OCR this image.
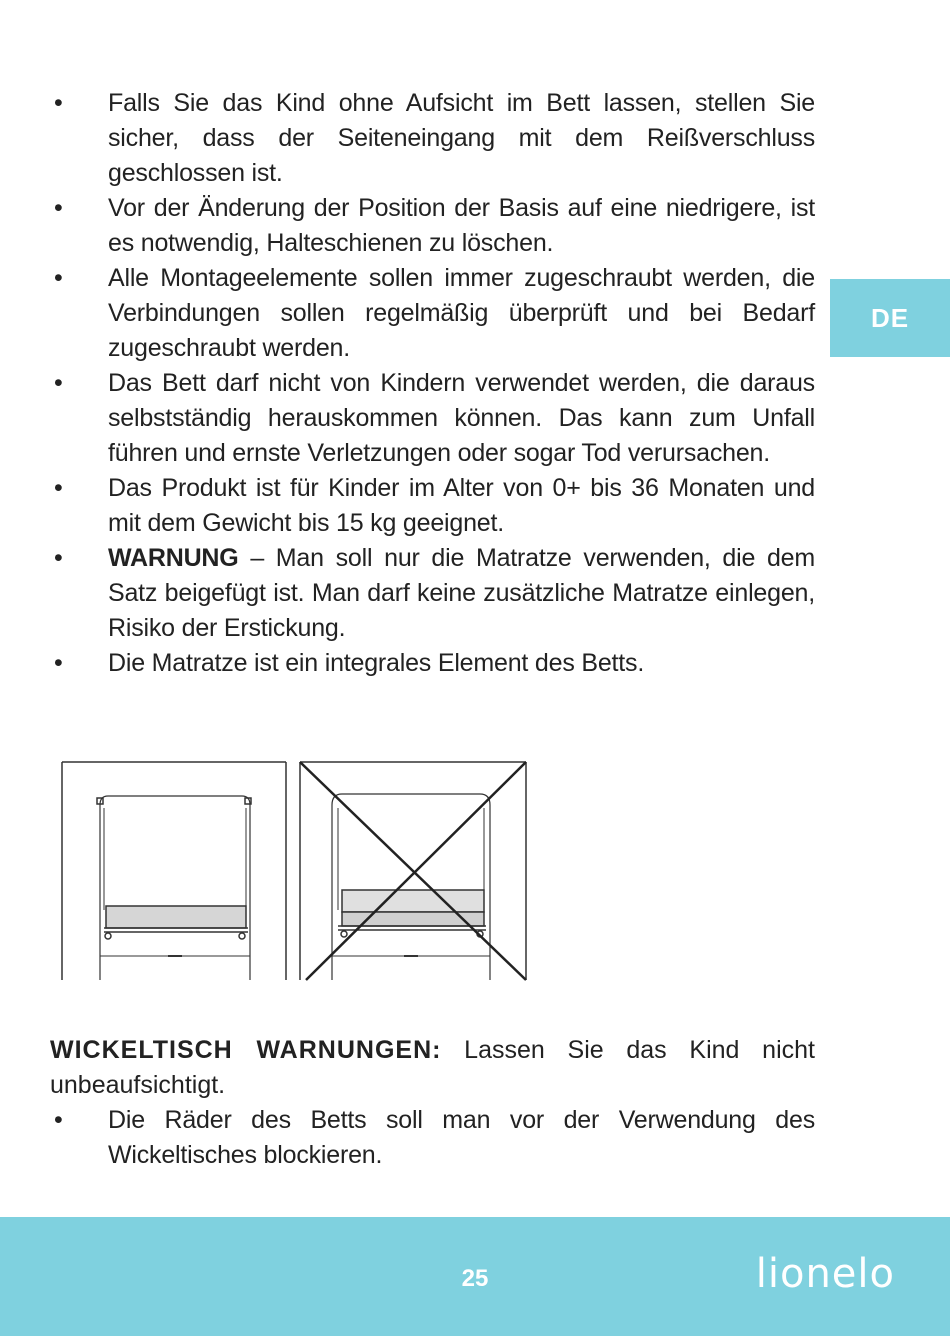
• Falls Sie das Kind ohne Aufsicht im Bett lassen, stellen Sie sicher, dass der Seiteneingang mit dem Reißverschluss geschlossen ist.
• Vor der Änderung der Position der Basis auf eine niedrigere, ist es notwendig, Halteschienen zu löschen.
• Alle Montageelemente sollen immer zugeschraubt werden, die Verbindungen sollen regelmäßig überprüft und bei Bedarf zugeschraubt werden.
• Das Bett darf nicht von Kindern verwendet werden, die daraus selbstständig herauskommen können. Das kann zum Unfall führen und ernste Verletzungen oder sogar Tod verursachen.
• Das Produkt ist für Kinder im Alter von 0+ bis 36 Monaten und mit dem Gewicht bis 15 kg geeignet.
• WARNUNG – Man soll nur die Matratze verwenden, die dem Satz beigefügt ist. Man darf keine zusätzliche Matratze einlegen, Risiko der Erstickung.
• Die Matratze ist ein integrales Element des Betts.
DE

WICKELTISCH WARNUNGEN: Lassen Sie das Kind nicht unbeaufsichtigt.

• Die Räder des Betts soll man vor der Verwendung des Wickeltisches blockieren.
25	lionelo
